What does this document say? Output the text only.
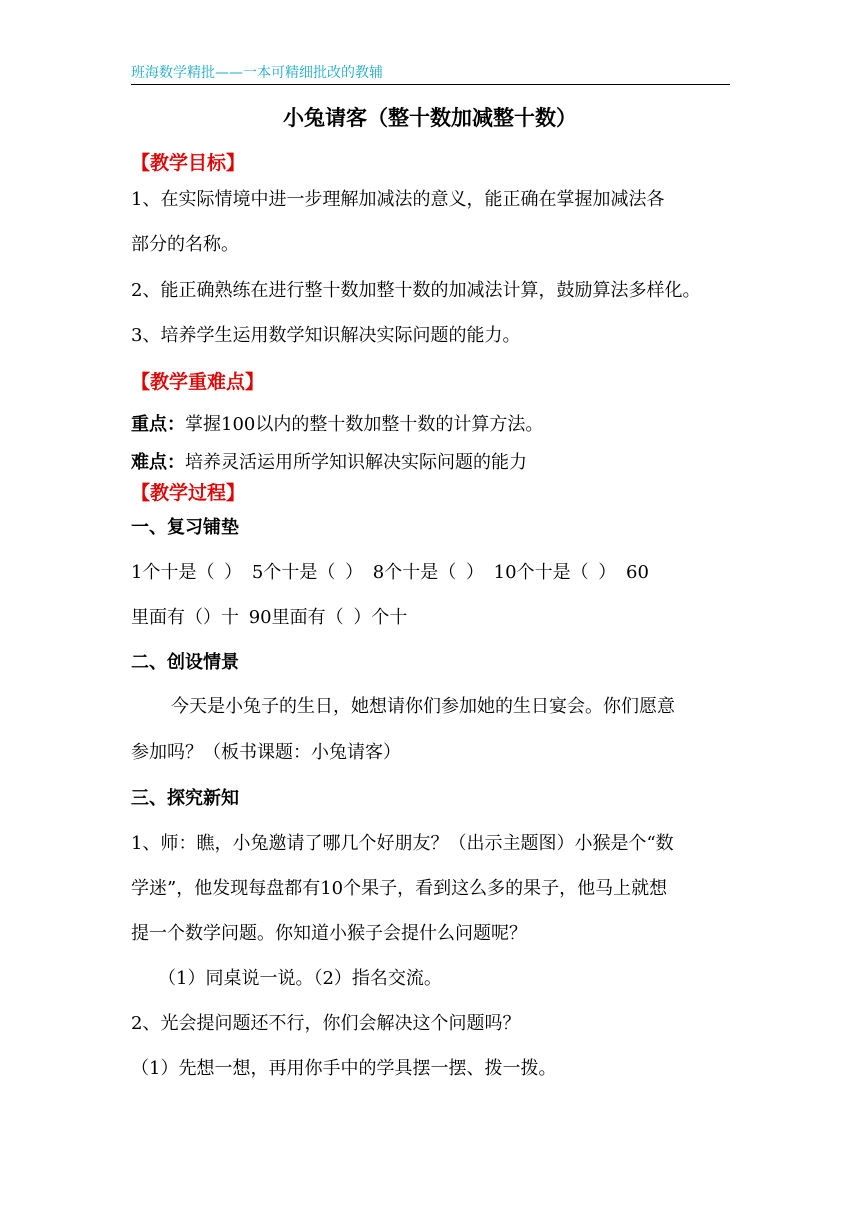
班海数学精批——一本可精细批改的教辅
小兔请客（整十数加减整十数）
【教学目标】
1、在实际情境中进一步理解加减法的意义，能正确在掌握加减法各
部分的名称。
2、能正确熟练在进行整十数加整十数的加减法计算，鼓励算法多样化。
3、培养学生运用数学知识解决实际问题的能力。
【教学重难点】
重点：掌握100以内的整十数加整十数的计算方法。
难点：培养灵活运用所学知识解决实际问题的能力
【教学过程】
一、复习铺垫
1个十是（ ） 5个十是（ ） 8个十是（ ） 10个十是（ ） 60
里面有（）十 90里面有（ ）个十
二、创设情景
今天是小兔子的生日，她想请你们参加她的生日宴会。你们愿意
参加吗？（板书课题：小兔请客）
三、探究新知
1、师：瞧，小兔邀请了哪几个好朋友？（出示主题图）小猴是个“数
学迷”，他发现每盘都有10个果子，看到这么多的果子，他马上就想
提一个数学问题。你知道小猴子会提什么问题呢？
（1）同桌说一说。（2）指名交流。
2、光会提问题还不行，你们会解决这个问题吗？
（1）先想一想，再用你手中的学具摆一摆、拨一拨。
